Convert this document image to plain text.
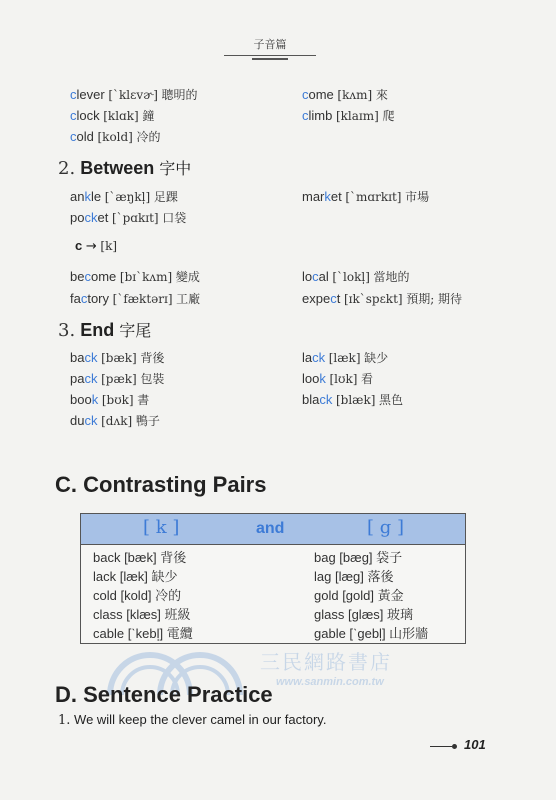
子音篇
clever [ˋklɛvɚ] 聰明的
clock [klɑk] 鐘
cold [kold] 冷的
come [kʌm] 來
climb [klaɪm] 爬
2. Between 字中
ankle [ˋæŋkl̩] 足踝
pocket [ˋpɑkɪt] 口袋
market [ˋmɑrkɪt] 市場
c → [k]
become [bɪˋkʌm] 變成
factory [ˋfæktərɪ] 工廠
local [ˋlokl̩] 當地的
expect [ɪkˋspɛkt] 預期; 期待
3. End 字尾
back [bæk] 背後
pack [pæk] 包裝
book [bʊk] 書
duck [dʌk] 鴨子
lack [læk] 缺少
look [lʊk] 看
black [blæk] 黑色
C. Contrasting Pairs
[ k ]	and	[ g ]
back [bæk] 背後
lack [læk] 缺少
cold [kold] 冷的
class [klæs] 班級
cable [ˋkebl̩] 電纜
bag [bæg] 袋子
lag [læg] 落後
gold [gold] 黃金
glass [glæs] 玻璃
gable [ˋgebl̩] 山形牆
三民網路書店
www.sanmin.com.tw
D. Sentence Practice
1. We will keep the clever camel in our factory.
101
